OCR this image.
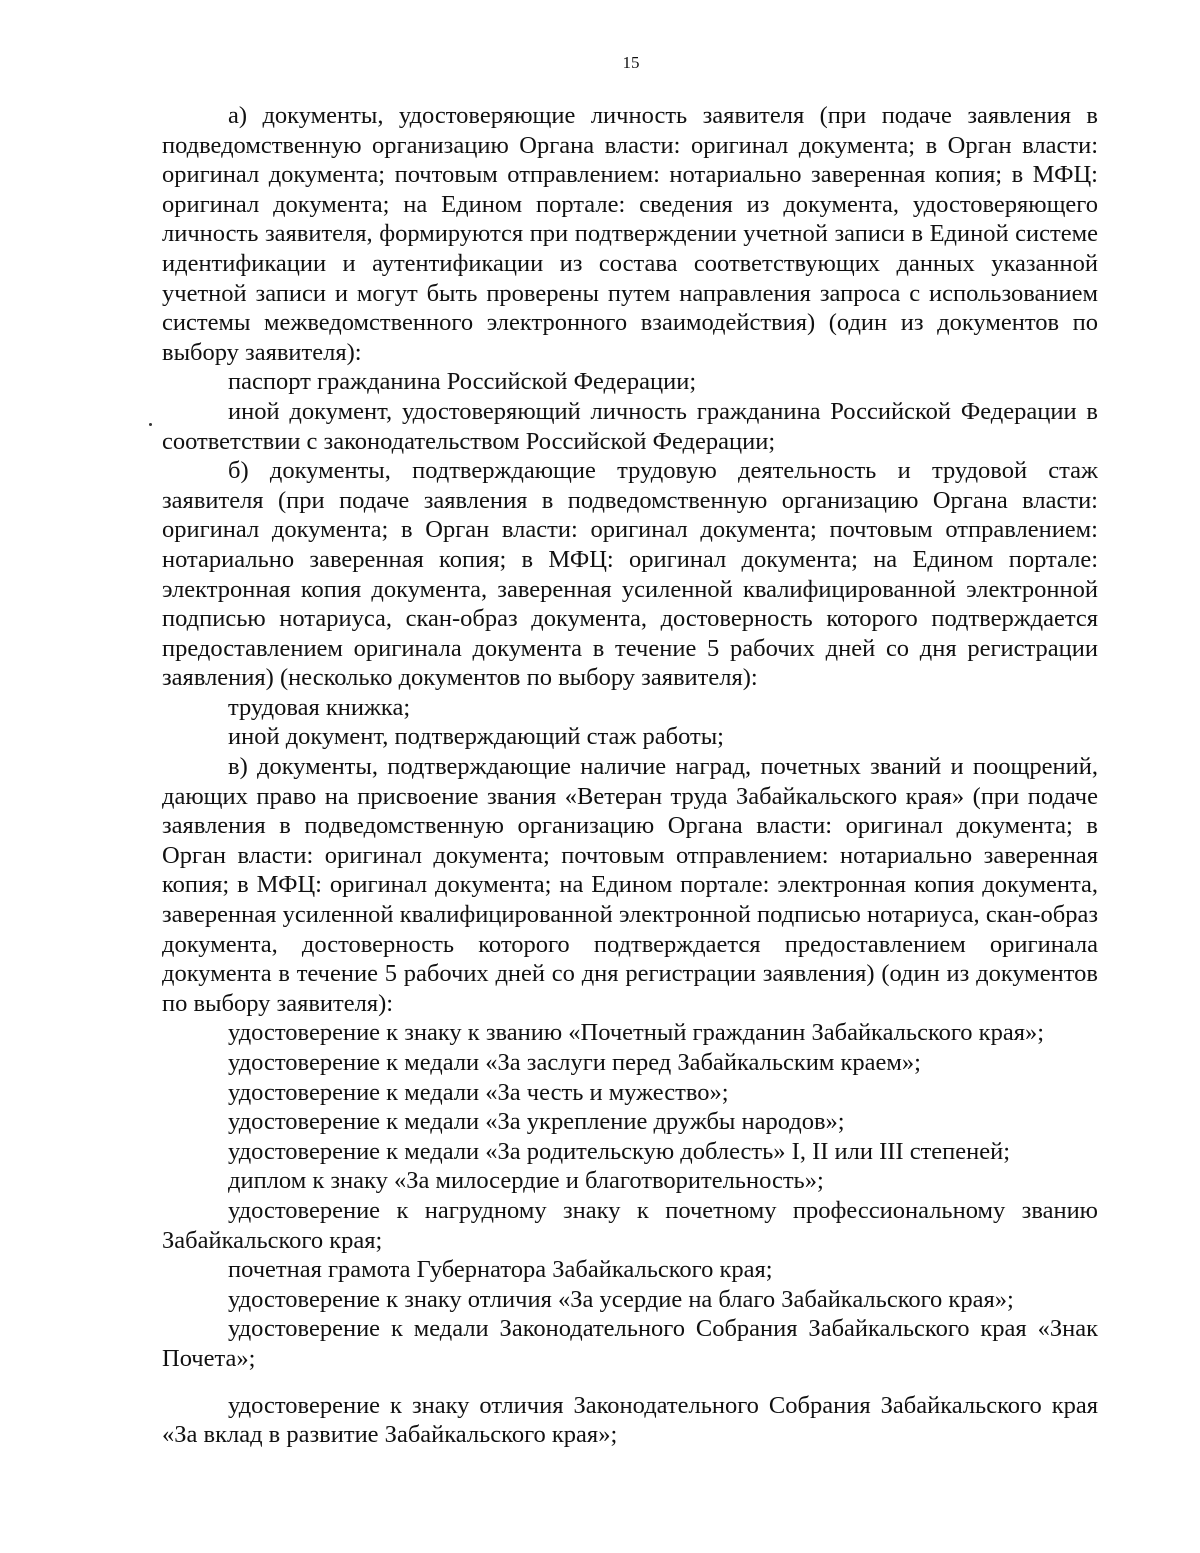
15

а) документы, удостоверяющие личность заявителя (при подаче заявления в подведомственную организацию Органа власти: оригинал документа; в Орган власти: оригинал документа; почтовым отправлением: нотариально заверенная копия; в МФЦ: оригинал документа; на Едином портале: сведения из документа, удостоверяющего личность заявителя, формируются при подтверждении учетной записи в Единой системе идентификации и аутентификации из состава соответствующих данных указанной учетной записи и могут быть проверены путем направления запроса с использованием системы межведомственного электронного взаимодействия) (один из документов по выбору заявителя):

паспорт гражданина Российской Федерации;

иной документ, удостоверяющий личность гражданина Российской Федерации в соответствии с законодательством Российской Федерации;

б) документы, подтверждающие трудовую деятельность и трудовой стаж заявителя (при подаче заявления в подведомственную организацию Органа власти: оригинал документа; в Орган власти: оригинал документа; почтовым отправлением: нотариально заверенная копия; в МФЦ: оригинал документа; на Едином портале: электронная копия документа, заверенная усиленной квалифицированной электронной подписью нотариуса, скан-образ документа, достоверность которого подтверждается предоставлением оригинала документа в течение 5 рабочих дней со дня регистрации заявления) (несколько документов по выбору заявителя):

трудовая книжка;

иной документ, подтверждающий стаж работы;

в) документы, подтверждающие наличие наград, почетных званий и поощрений, дающих право на присвоение звания «Ветеран труда Забайкальского края» (при подаче заявления в подведомственную организацию Органа власти: оригинал документа; в Орган власти: оригинал документа; почтовым отправлением: нотариально заверенная копия; в МФЦ: оригинал документа; на Едином портале: электронная копия документа, заверенная усиленной квалифицированной электронной подписью нотариуса, скан-образ документа, достоверность которого подтверждается предоставлением оригинала документа в течение 5 рабочих дней со дня регистрации заявления) (один из документов по выбору заявителя):

удостоверение к знаку к званию «Почетный гражданин Забайкальского края»;

удостоверение к медали «За заслуги перед Забайкальским краем»;

удостоверение к медали «За честь и мужество»;

удостоверение к медали «За укрепление дружбы народов»;

удостоверение к медали «За родительскую доблесть» I, II или III степеней;

диплом к знаку «За милосердие и благотворительность»;

удостоверение к нагрудному знаку к почетному профессиональному званию Забайкальского края;

почетная грамота Губернатора Забайкальского края;

удостоверение к знаку отличия «За усердие на благо Забайкальского края»;

удостоверение к медали Законодательного Собрания Забайкальского края «Знак Почета»;

удостоверение к знаку отличия Законодательного Собрания Забайкальского края «За вклад в развитие Забайкальского края»;
